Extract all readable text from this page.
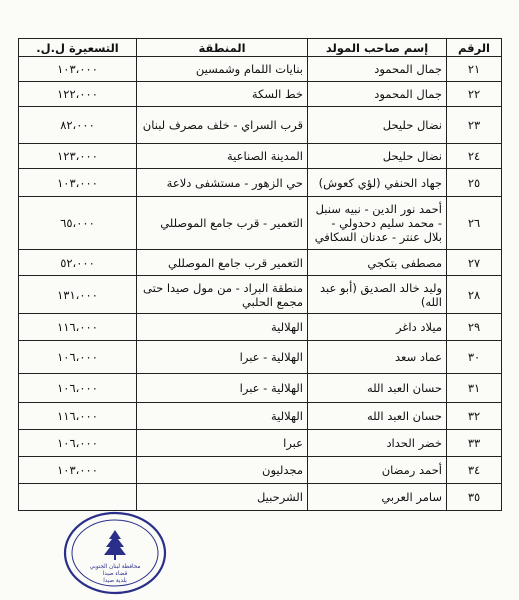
الرقم	إسم صاحب المولد	المنطقة	التسعيرة ل.ل.
٢١	جمال المحمود	بنايات اللمام وشمسين	١٠٣،٠٠٠
٢٢	جمال المحمود	خط السكة	١٢٢،٠٠٠
٢٣	نضال حليحل	قرب السراي - خلف مصرف لبنان	٨٢،٠٠٠
٢٤	نضال حليحل	المدينة الصناعية	١٢٣،٠٠٠
٢٥	جهاد الحنفي (لؤي كعوش)	حي الزهور - مستشفى دلاعة	١٠٣،٠٠٠
٢٦	أحمد نور الدين - نبيه سنبل - محمد سليم دحدولي - بلال عنتر - عدنان السكافي	التعمير - قرب جامع الموصللي	٦٥،٠٠٠
٢٧	مصطفى بتكجي	التعمير قرب جامع الموصللي	٥٢،٠٠٠
٢٨	وليد خالد الصديق (أبو عبد الله)	منطقة البراد - من مول صيدا حتى مجمع الحلبي	١٣١،٠٠٠
٢٩	ميلاد داغر	الهلالية	١١٦،٠٠٠
٣٠	عماد سعد	الهلالية - عبرا	١٠٦،٠٠٠
٣١	حسان العبد الله	الهلالية - عبرا	١٠٦،٠٠٠
٣٢	حسان العبد الله	الهلالية	١١٦،٠٠٠
٣٣	خضر الحداد	عبرا	١٠٦،٠٠٠
٣٤	أحمد رمضان	مجدليون	١٠٣،٠٠٠
٣٥	سامر العربي	الشرحبيل	
محافظة لبنان الجنوبي
قضاء صيدا
بلدية صيدا
